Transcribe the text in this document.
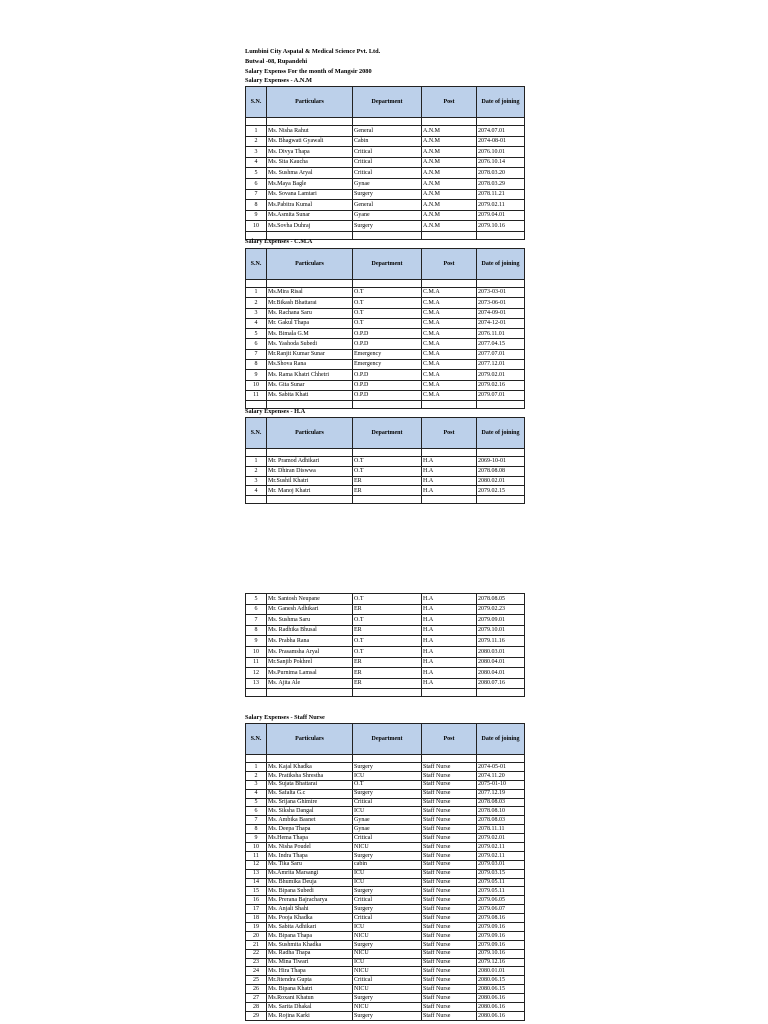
Lumbini City Aspatal & Medical Science Pvt. Ltd.
Butwal -08, Rupandehi
Salary Expenss For the month of Mangsir 2080
Salary Expenses - A.N.M
S.N.	Particulars	Department	Post	Date of joining

1	Ms. Nisha Rahut	General	A.N.M	2074.07.01
2	Ms. Bhagwati Gyawali	Cabin	A.N.M	2074-08-01
3	Ms. Divya Thapa	Critical	A.N.M	2076.10.01
4	Ms. Sita Kaucha	Critical	A.N.M	2076.10.14
5	Ms. Sushma Aryal	Critical	A.N.M	2078.03.20
6	Ms.Maya Bagle	Gynae	A.N.M	2078.03.29
7	Ms. Sovana Lamtari	Surgery	A.N.M	2078.11.21
8	Ms.Pabitra Kumal	General	A.N.M	2079.02.11
9	Ms.Asmita Sunar	Gyane	A.N.M	2079.04.01
10	Ms.Sovha Duhraj	Surgery	A.N.M	2079.10.16

Salary Expenses - C.M.A
S.N.	Particulars	Department	Post	Date of joining

1	Ms.Mira Risal	O.T	C.M.A	2073-03-01
2	Mr.Bikash Bhattarai	O.T	C.M.A	2073-06-01
3	Ms. Rachana Saru	O.T	C.M.A	2074-09-01
4	Mr. Gakul Thapa	O.T	C.M.A	2074-12-01
5	Ms. Bimala G.M	O.P.D	C.M.A	2076.11.01
6	Ms. Yashoda Subedi	O.P.D	C.M.A	2077.04.15
7	Mr.Ranjit Kumar Sunar	Emergency	C.M.A	2077.07.01
8	Ms.Shova Rana	Emergency	C.M.A	2077.12.01
9	Ms. Rama Khatri Chhetri	O.P.D	C.M.A	2079.02.01
10	Ms. Gita Sunar	O.P.D	C.M.A	2079.02.16
11	Ms. Sabita Khati	O.P.D	C.M.A	2079.07.01

Salary Expenses - H.A
S.N.	Particulars	Department	Post	Date of joining

1	Mr. Pramod Adhikari	O.T	H.A	2069-10-01
2	Mr. Dhiran Diswwa	O.T	H.A	2078.08.08
3	Mr.Sushil Khatri	ER	H.A	2080.02.01
4	Mr. Manoj Khatri	ER	H.A	2079.02.15

5	Mr. Santosh Neupane	O.T	H.A	2078.08.05
6	Mr. Ganesh Adhikari	ER	H.A	2079.02.23
7	Ms. Sushma Saru	O.T	H.A	2079.09.01
8	Ms. Radhika Bhusal	ER	H.A	2079.10.01
9	Ms. Prabha Rana	O.T	H.A	2079.11.16
10	Ms. Prasamsha Aryal	O.T	H.A	2080.03.01
11	Mr.Sanjib Pokhrel	ER	H.A	2080.04.01
12	Ms.Purnima Lamsal	ER	H.A	2080.04.01
13	Ms. Ajita Ale	ER	H.A	2080.07.16

Salary Expenses - Staff Nurse
S.N.	Particulars	Department	Post	Date of joining

1	Ms. Kajal Khadka	Surgery	Staff Nurse	2074-05-01
2	Ms. Pratiksha Shrestha	ICU	Staff Nurse	2074.11.20
3	Ms. Sujata Bhattarai	O.T	Staff Nurse	2075-01-10
4	Ms. Safalta G.c	Surgery	Staff Nurse	2077.12.19
5	Ms. Srijana Ghimire	Critical	Staff Nurse	2078.08.03
6	Ms. Siksha Dangal	ICU	Staff Nurse	2078.08.10
7	Ms. Ambika Basnet	Gynae	Staff Nurse	2078.08.03
8	Ms. Deepa Thapa	Gynae	Staff Nurse	2078.11.11
9	Ms.Hema Thapa	Critical	Staff Nurse	2079.02.01
10	Ms. Nisha Poudel	NICU	Staff Nurse	2079.02.11
11	Ms. Indra Thapa	Surgery	Staff Nurse	2079.02.11
12	Ms. Tika Saru	cabin	Staff Nurse	2079.03.01
13	Ms.Amrita Marsangi	ICU	Staff Nurse	2079.03.15
14	Ms. Bhumika Deuja	ICU	Staff Nurse	2079.05.11
15	Ms. Bipana Subedi	Surgery	Staff Nurse	2079.05.11
16	Ms. Prerana Bajracharya	Critical	Staff Nurse	2079.06.05
17	Ms. Anjali Shahi	Surgery	Staff Nurse	2079.06.07
18	Ms. Pooja Khadka	Critical	Staff Nurse	2079.08.16
19	Ms. Sabita Adhikari	ICU	Staff Nurse	2079.09.16
20	Ms. Bipana Thapa	NICU	Staff Nurse	2079.09.16
21	Ms. Sushmita Khadka	Surgery	Staff Nurse	2079.09.16
22	Ms. Radha Thapa	NICU	Staff Nurse	2079.10.16
23	Ms. Mina Tiwari	ICU	Staff Nurse	2079.12.16
24	Ms. Hira Thapa	NICU	Staff Nurse	2080.01.01
25	Mr.Jitendra Gupta	Critical	Staff Nurse	2080.06.15
26	Ms. Bipana Khatri	NICU	Staff Nurse	2080.06.15
27	Ms.Roxani Khatun	Surgery	Staff Nurse	2080.06.16
28	Ms. Sarita Dhakal	NICU	Staff Nurse	2080.06.16
29	Ms. Rojina Karki	Surgery	Staff Nurse	2080.06.16
